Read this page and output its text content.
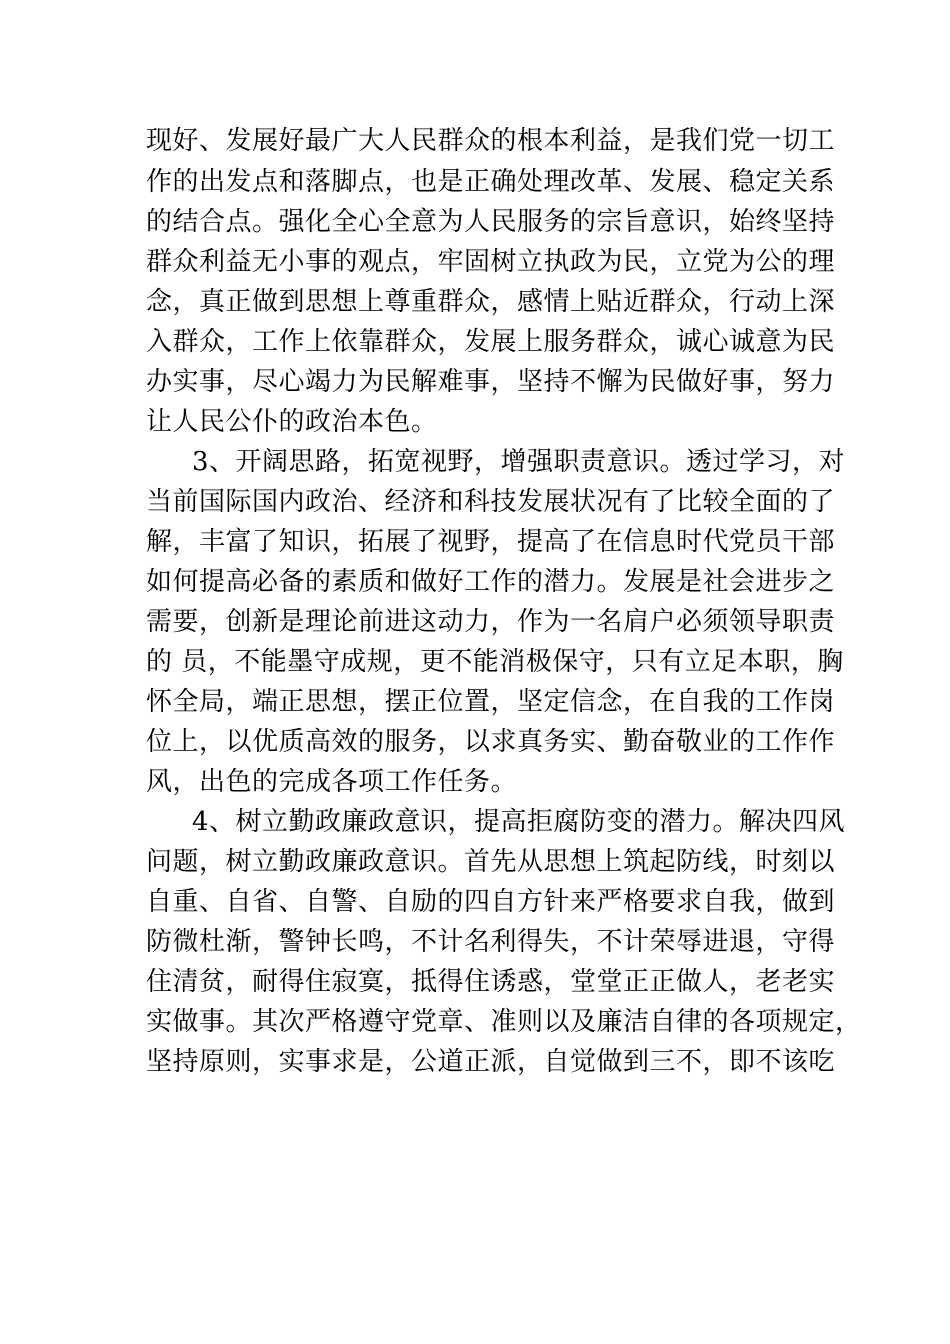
现好、发展好最广大人民群众的根本利益，是我们党一切工
作的出发点和落脚点，也是正确处理改革、发展、稳定关系
的结合点。强化全心全意为人民服务的宗旨意识，始终坚持
群众利益无小事的观点，牢固树立执政为民，立党为公的理
念，真正做到思想上尊重群众，感情上贴近群众，行动上深
入群众，工作上依靠群众，发展上服务群众，诚心诚意为民
办实事，尽心竭力为民解难事，坚持不懈为民做好事，努力
让人民公仆的政治本色。
3、开阔思路，拓宽视野，增强职责意识。透过学习，对
当前国际国内政治、经济和科技发展状况有了比较全面的了
解，丰富了知识，拓展了视野，提高了在信息时代党员干部
如何提高必备的素质和做好工作的潜力。发展是社会进步之
需要，创新是理论前进这动力，作为一名肩户必须领导职责
的 员，不能墨守成规，更不能消极保守，只有立足本职，胸
怀全局，端正思想，摆正位置，坚定信念，在自我的工作岗
位上，以优质高效的服务，以求真务实、勤奋敬业的工作作
风，出色的完成各项工作任务。
4、树立勤政廉政意识，提高拒腐防变的潜力。解决四风
问题，树立勤政廉政意识。首先从思想上筑起防线，时刻以
自重、自省、自警、自励的四自方针来严格要求自我，做到
防微杜渐，警钟长鸣，不计名利得失，不计荣辱进退，守得
住清贫，耐得住寂寞，抵得住诱惑，堂堂正正做人，老老实
实做事。其次严格遵守党章、准则以及廉洁自律的各项规定，
坚持原则，实事求是，公道正派，自觉做到三不，即不该吃
